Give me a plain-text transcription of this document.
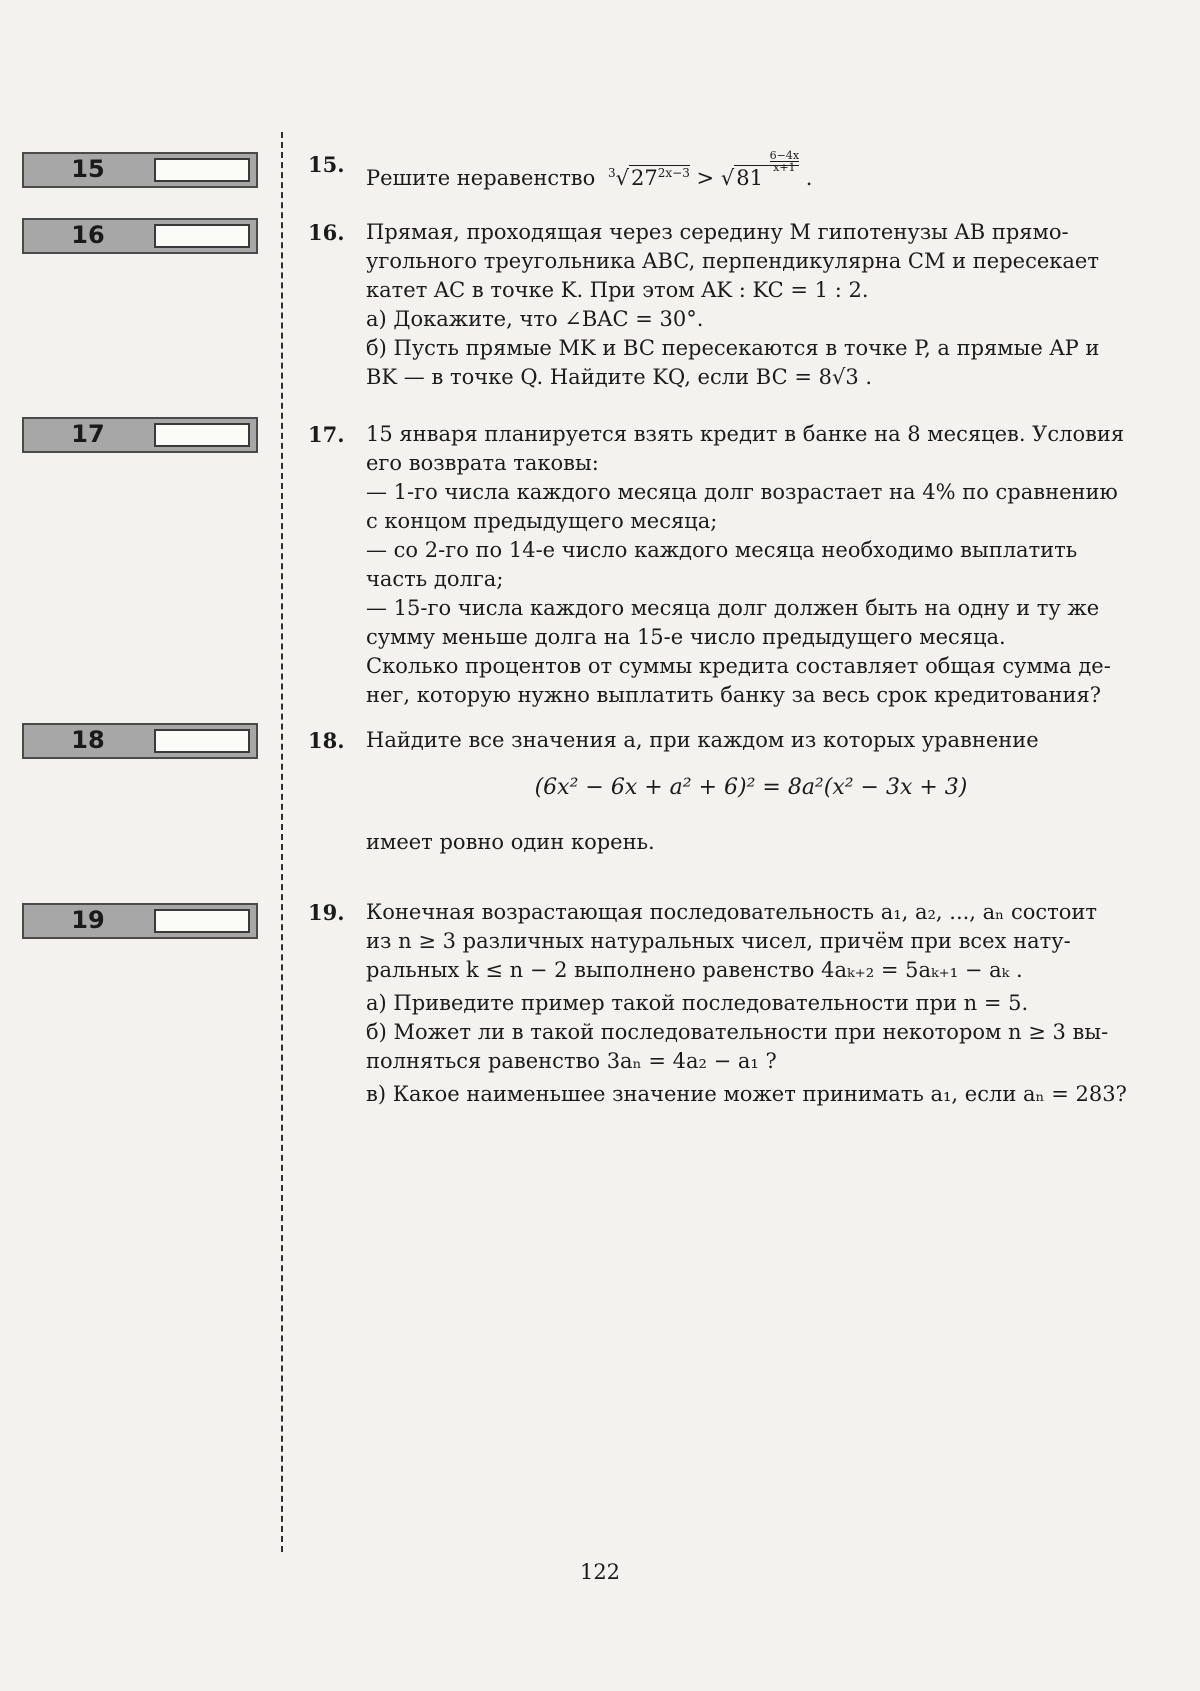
15
16
17
18
19
15.

Решите неравенство $^3√27^{2x-3} > √81$
$\frac{6-4x}{x+1}$
.

16. Прямая, проходящая через середину M гипотенузы AB прямо-
угольного треугольника ABC, перпендикулярна CM и пересекает
катет AC в точке K. При этом AK : KC = 1 : 2.
а) Докажите, что ∠BAC = 30°.
б) Пусть прямые MK и BC пересекаются в точке P, а прямые AP и
BK — в точке Q. Найдите KQ, если BC = 8√3 .
17. 15 января планируется взять кредит в банке на 8 месяцев. Условия
его возврата таковы:
— 1-го числа каждого месяца долг возрастает на 4% по сравнению
с концом предыдущего месяца;
— со 2-го по 14-е число каждого месяца необходимо выплатить
часть долга;
— 15-го числа каждого месяца долг должен быть на одну и ту же
сумму меньше долга на 15-е число предыдущего месяца.
Сколько процентов от суммы кредита составляет общая сумма де-
нег, которую нужно выплатить банку за весь срок кредитования?
18. Найдите все значения a, при каждом из которых уравнение
(6x² − 6x + a² + 6)² = 8a²(x² − 3x + 3)
имеет ровно один корень.
19. Конечная возрастающая последовательность a₁, a₂, ..., aₙ состоит
из n ≥ 3 различных натуральных чисел, причём при всех нату-
ральных k ≤ n − 2 выполнено равенство 4aₖ₊₂ = 5aₖ₊₁ − aₖ .
а) Приведите пример такой последовательности при n = 5.
б) Может ли в такой последовательности при некотором n ≥ 3 вы-
полняться равенство 3aₙ = 4a₂ − a₁ ?
в) Какое наименьшее значение может принимать a₁, если aₙ = 283?
122
